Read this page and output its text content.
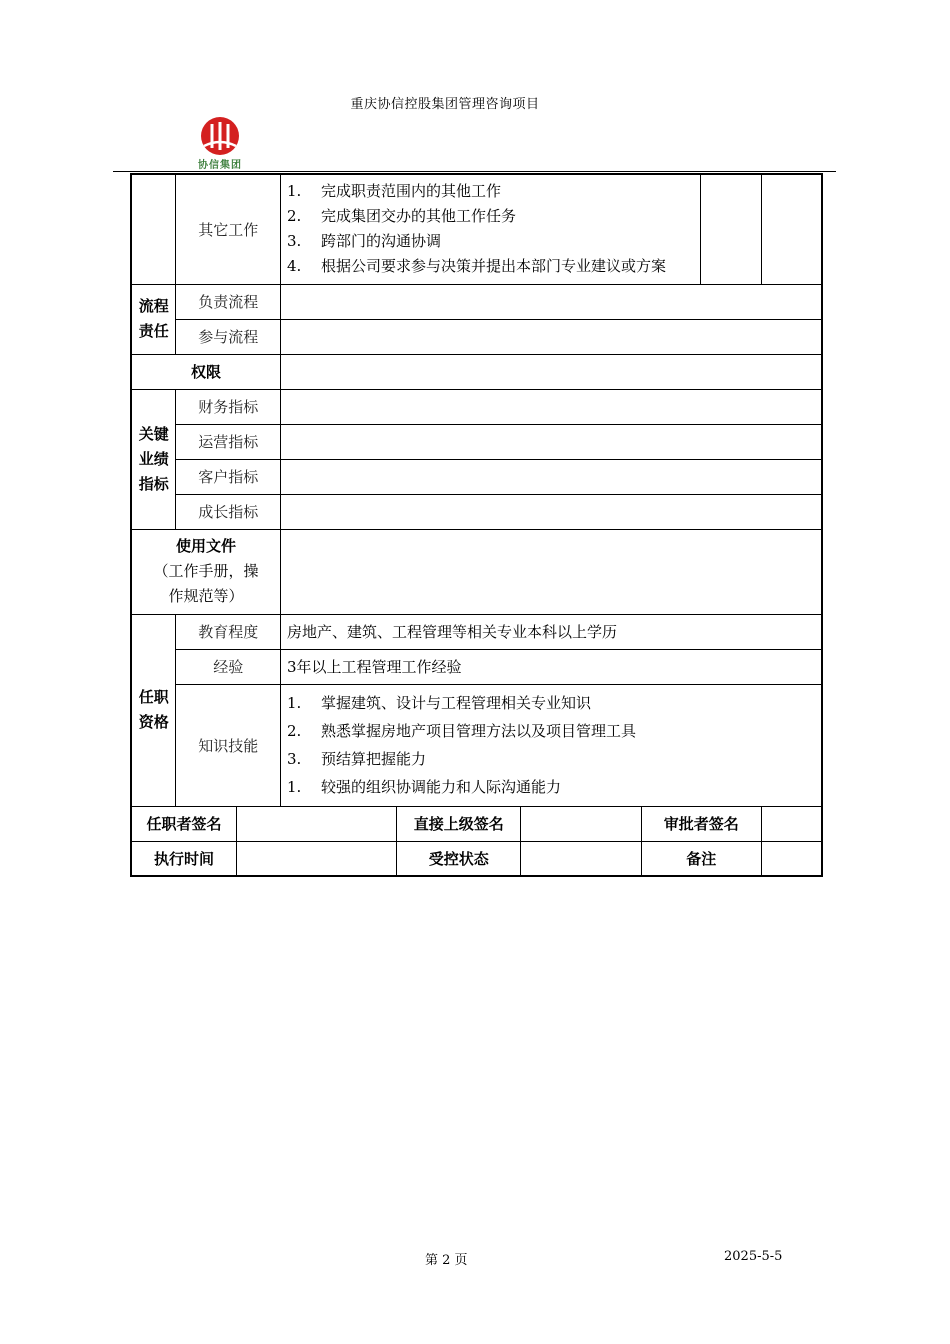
重庆协信控股集团管理咨询项目
协信集团
	其它工作		1. 完成职责范围内的其他工作
2. 完成集团交办的其他工作任务
3. 跨部门的沟通协调
4. 根据公司要求参与决策并提出本部门专业建议或方案					

流程
责任	负责流程							
	参与流程							
权限								
关键
业绩
指标	财务指标							
	运营指标							
	客户指标							
	成长指标							
使用文件
（工作手册，操
作规范等）								
任职
资格	教育程度		房地产、建筑、工程管理等相关专业本科以上学历					
	经验		3年以上工程管理工作经验					
	知识技能		1. 掌握建筑、设计与工程管理相关专业知识
2. 熟悉掌握房地产项目管理方法以及项目管理工具
3. 预结算把握能力
1. 较强的组织协调能力和人际沟通能力					

任职者签名				直接上级签名		审批者签名		
执行时间				受控状态		备注		
第 2 页	2025-5-5
